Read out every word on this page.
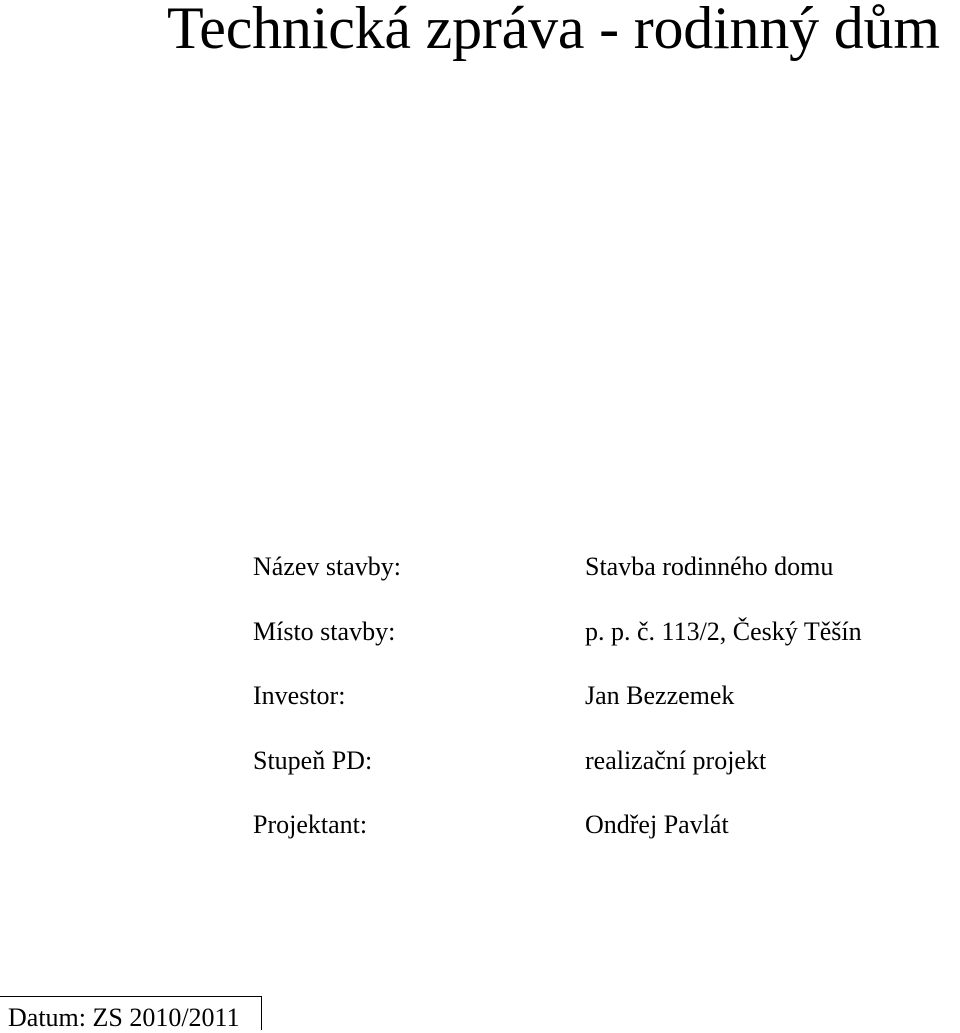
Technická zpráva - rodinný dům
Název stavby:	Stavba rodinného domu
Místo stavby:	p. p. č. 113/2, Český Těšín
Investor:	Jan Bezzemek
Stupeň PD:	realizační projekt
Projektant:	Ondřej Pavlát
Datum: ZS 2010/2011
